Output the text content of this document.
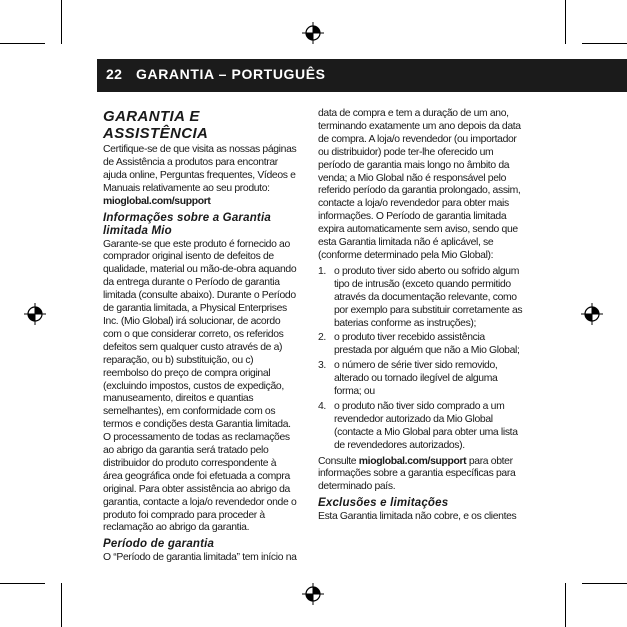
22 GARANTIA – PORTUGUÊS
GARANTIA E ASSISTÊNCIA

Certifique-se de que visita as nossas páginas de Assistência a produtos para encontrar ajuda online, Perguntas frequentes, Vídeos e Manuais relativamente ao seu produto:
mioglobal.com/support

Informações sobre a Garantia limitada Mio

Garante-se que este produto é fornecido ao comprador original isento de defeitos de qualidade, material ou mão-de-obra aquando da entrega durante o Período de garantia limitada (consulte abaixo). Durante o Período de garantia limitada, a Physical Enterprises Inc. (Mio Global) irá solucionar, de acordo com o que considerar correto, os referidos defeitos sem qualquer custo através de a) reparação, ou b) substituição, ou c) reembolso do preço de compra original (excluindo impostos, custos de expedição, manuseamento, direitos e quantias semelhantes), em conformidade com os termos e condições desta Garantia limitada. O processamento de todas as reclamações ao abrigo da garantia será tratado pelo distribuidor do produto correspondente à área geográfica onde foi efetuada a compra original. Para obter assistência ao abrigo da garantia, contacte a loja/o revendedor onde o produto foi comprado para proceder à reclamação ao abrigo da garantia.

Período de garantia

O “Período de garantia limitada” tem início na

data de compra e tem a duração de um ano, terminando exatamente um ano depois da data de compra. A loja/o revendedor (ou importador ou distribuidor) pode ter-lhe oferecido um período de garantia mais longo no âmbito da venda; a Mio Global não é responsável pelo referido período da garantia prolongado, assim, contacte a loja/o revendedor para obter mais informações. O Período de garantia limitada expira automaticamente sem aviso, sendo que esta Garantia limitada não é aplicável, se (conforme determinado pela Mio Global):

1. o produto tiver sido aberto ou sofrido algum tipo de intrusão (exceto quando permitido através da documentação relevante, como por exemplo para substituir corretamente as baterias conforme as instruções);
2. o produto tiver recebido assistência prestada por alguém que não a Mio Global;
3. o número de série tiver sido removido, alterado ou tornado ilegível de alguma forma; ou
4. o produto não tiver sido comprado a um revendedor autorizado da Mio Global (contacte a Mio Global para obter uma lista de revendedores autorizados).

Consulte mioglobal.com/support para obter informações sobre a garantia específicas para determinado país.

Exclusões e limitações

Esta Garantia limitada não cobre, e os clientes
